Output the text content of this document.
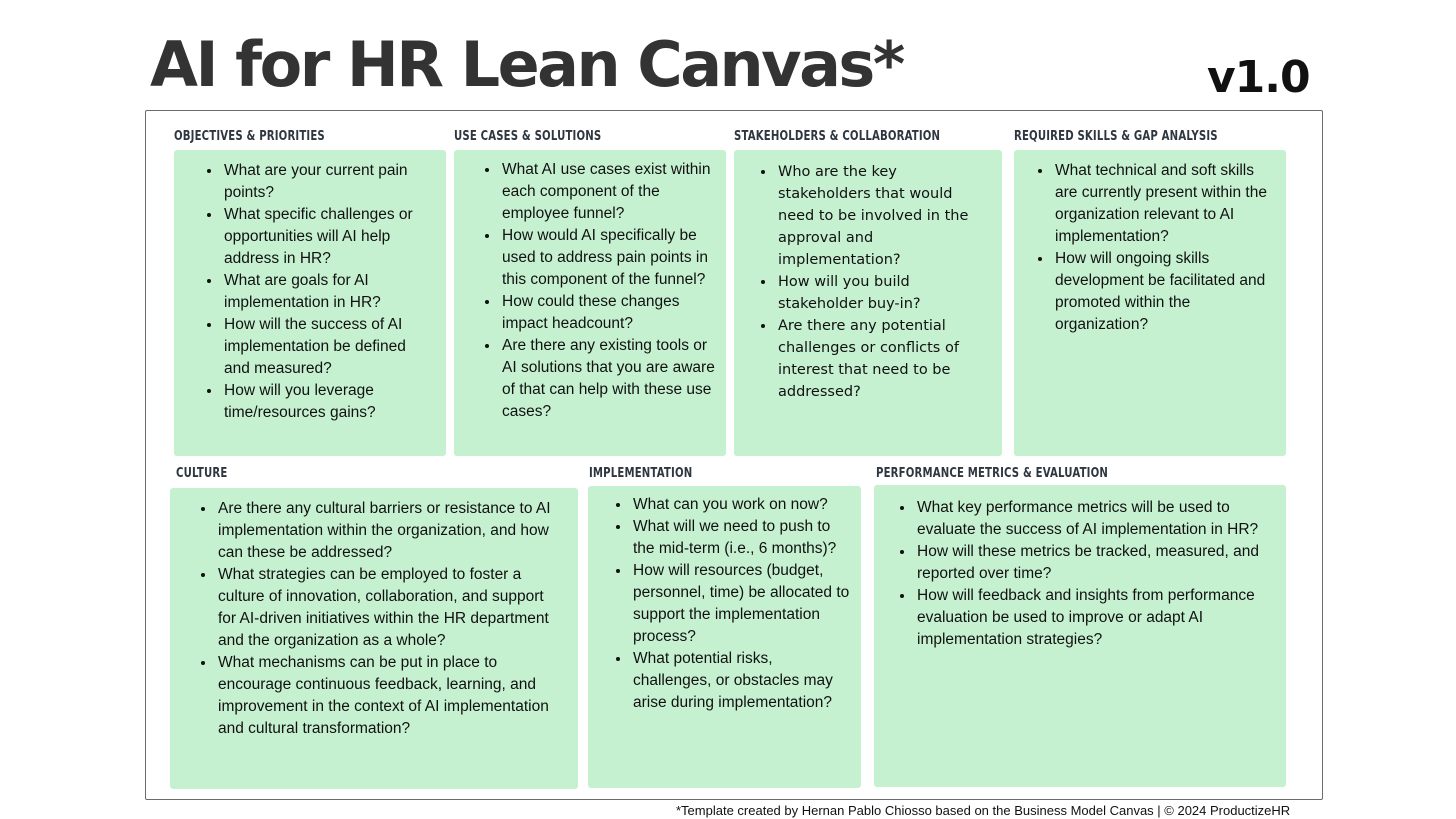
AI for HR Lean Canvas*	v1.0
OBJECTIVES & PRIORITIES
• What are your current pain points?
• What specific challenges or opportunities will AI help address in HR?
• What are goals for AI implementation in HR?
• How will the success of AI implementation be defined and measured?
• How will you leverage time/resources gains?
USE CASES & SOLUTIONS
• What AI use cases exist within each component of the employee funnel?
• How would AI specifically be used to address pain points in this component of the funnel?
• How could these changes impact headcount?
• Are there any existing tools or AI solutions that you are aware of that can help with these use cases?
STAKEHOLDERS & COLLABORATION
• Who are the key stakeholders that would need to be involved in the approval and implementation?
• How will you build stakeholder buy-in?
• Are there any potential challenges or conflicts of interest that need to be addressed?
REQUIRED SKILLS & GAP ANALYSIS
• What technical and soft skills are currently present within the organization relevant to AI implementation?
• How will ongoing skills development be facilitated and promoted within the organization?
CULTURE
• Are there any cultural barriers or resistance to AI implementation within the organization, and how can these be addressed?
• What strategies can be employed to foster a culture of innovation, collaboration, and support for AI-driven initiatives within the HR department and the organization as a whole?
• What mechanisms can be put in place to encourage continuous feedback, learning, and improvement in the context of AI implementation and cultural transformation?
IMPLEMENTATION
• What can you work on now?
• What will we need to push to the mid-term (i.e., 6 months)?
• How will resources (budget, personnel, time) be allocated to support the implementation process?
• What potential risks, challenges, or obstacles may arise during implementation?
PERFORMANCE METRICS & EVALUATION
• What key performance metrics will be used to evaluate the success of AI implementation in HR?
• How will these metrics be tracked, measured, and reported over time?
• How will feedback and insights from performance evaluation be used to improve or adapt AI implementation strategies?
*Template created by Hernan Pablo Chiosso based on the Business Model Canvas | © 2024 ProductizeHR
